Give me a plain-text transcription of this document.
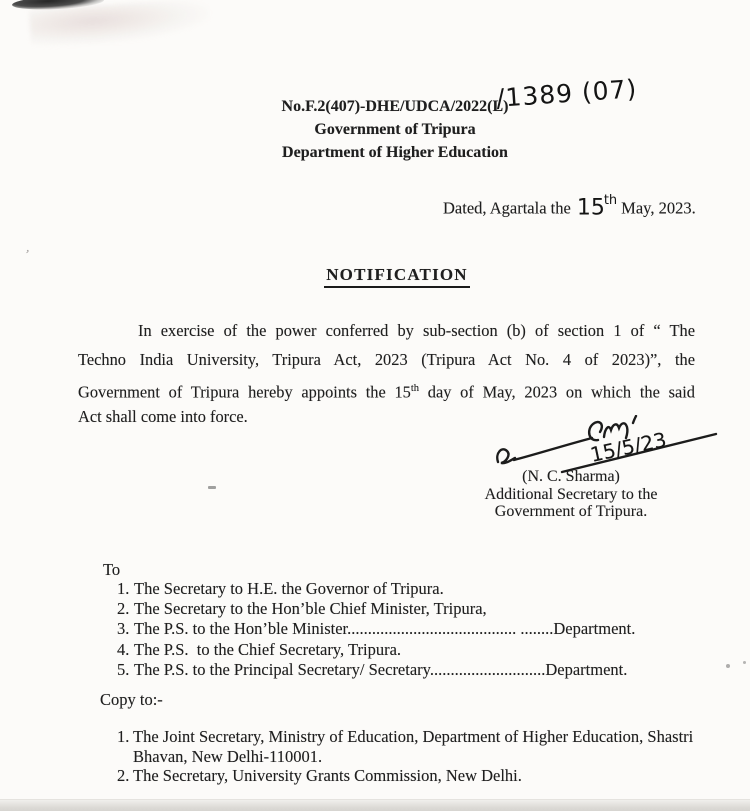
’
No.F.2(407)-DHE/UDCA/2022(L)
/1389 (07)
Government of Tripura
Department of Higher Education
Dated, Agartala the 15th May, 2023.
NOTIFICATION
In exercise of the power conferred by sub-section (b) of section 1 of “ The
Techno India University, Tripura Act, 2023 (Tripura Act No. 4 of 2023)”, the
Government of Tripura hereby appoints the 15th day of May, 2023 on which the said
Act shall come into force.
15/5/23
(N. C. Sharma)
Additional Secretary to the
Government of Tripura.
To
1. The Secretary to H.E. the Governor of Tripura.
2. The Secretary to the Hon’ble Chief Minister, Tripura,
3. The P.S. to the Hon’ble Minister......................................... ........Department.
4. The P.S.  to the Chief Secretary, Tripura.
5. The P.S. to the Principal Secretary/ Secretary............................Department.
Copy to:-
1. The Joint Secretary, Ministry of Education, Department of Higher Education, Shastri Bhavan, New Delhi-110001.
2. The Secretary, University Grants Commission, New Delhi.
